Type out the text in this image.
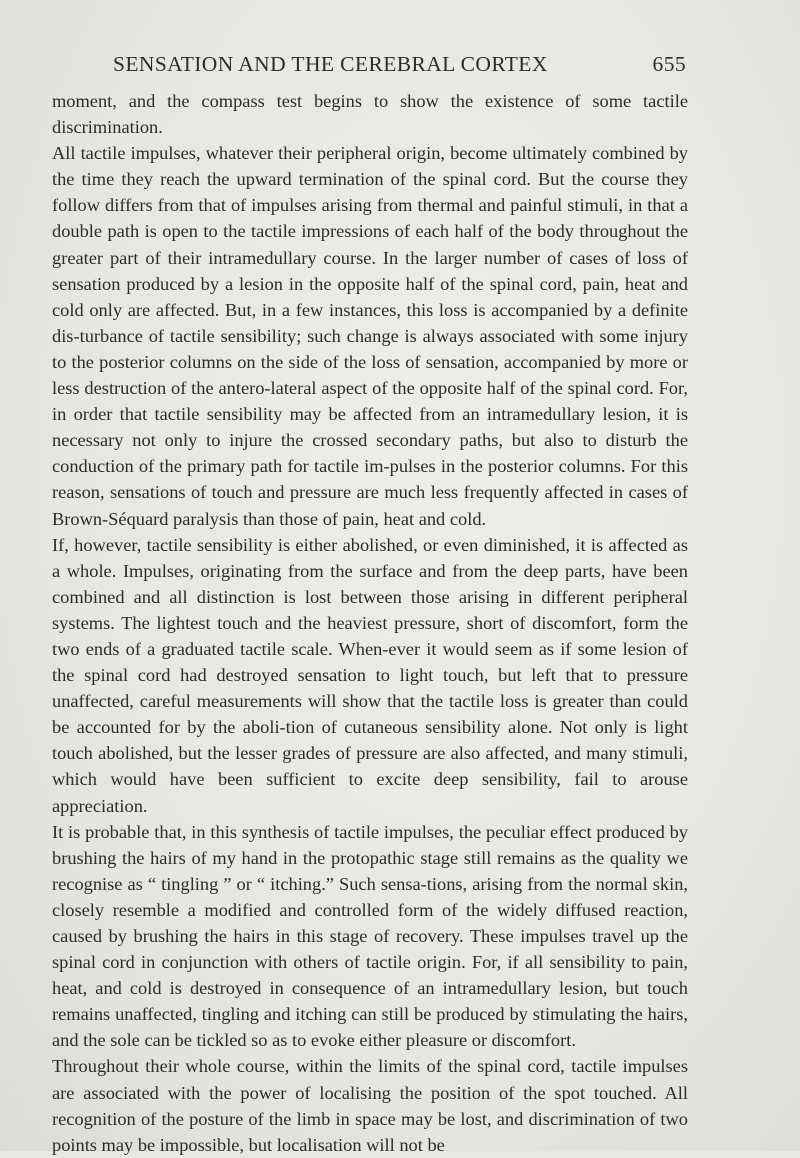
SENSATION AND THE CEREBRAL CORTEX	655

moment, and the compass test begins to show the existence of some tactile discrimination.

All tactile impulses, whatever their peripheral origin, become ultimately combined by the time they reach the upward termination of the spinal cord. But the course they follow differs from that of impulses arising from thermal and painful stimuli, in that a double path is open to the tactile impressions of each half of the body throughout the greater part of their intramedullary course. In the larger number of cases of loss of sensation produced by a lesion in the opposite half of the spinal cord, pain, heat and cold only are affected. But, in a few instances, this loss is accompanied by a definite dis-turbance of tactile sensibility; such change is always associated with some injury to the posterior columns on the side of the loss of sensation, accompanied by more or less destruction of the antero-lateral aspect of the opposite half of the spinal cord. For, in order that tactile sensibility may be affected from an intramedullary lesion, it is necessary not only to injure the crossed secondary paths, but also to disturb the conduction of the primary path for tactile im-pulses in the posterior columns. For this reason, sensations of touch and pressure are much less frequently affected in cases of Brown-Séquard paralysis than those of pain, heat and cold.

If, however, tactile sensibility is either abolished, or even diminished, it is affected as a whole. Impulses, originating from the surface and from the deep parts, have been combined and all distinction is lost between those arising in different peripheral systems. The lightest touch and the heaviest pressure, short of discomfort, form the two ends of a graduated tactile scale. When-ever it would seem as if some lesion of the spinal cord had destroyed sensation to light touch, but left that to pressure unaffected, careful measurements will show that the tactile loss is greater than could be accounted for by the aboli-tion of cutaneous sensibility alone. Not only is light touch abolished, but the lesser grades of pressure are also affected, and many stimuli, which would have been sufficient to excite deep sensibility, fail to arouse appreciation.

It is probable that, in this synthesis of tactile impulses, the peculiar effect produced by brushing the hairs of my hand in the protopathic stage still remains as the quality we recognise as “ tingling ” or “ itching.” Such sensa-tions, arising from the normal skin, closely resemble a modified and controlled form of the widely diffused reaction, caused by brushing the hairs in this stage of recovery. These impulses travel up the spinal cord in conjunction with others of tactile origin. For, if all sensibility to pain, heat, and cold is destroyed in consequence of an intramedullary lesion, but touch remains unaffected, tingling and itching can still be produced by stimulating the hairs, and the sole can be tickled so as to evoke either pleasure or discomfort.

Throughout their whole course, within the limits of the spinal cord, tactile impulses are associated with the power of localising the position of the spot touched. All recognition of the posture of the limb in space may be lost, and discrimination of two points may be impossible, but localisation will not be
